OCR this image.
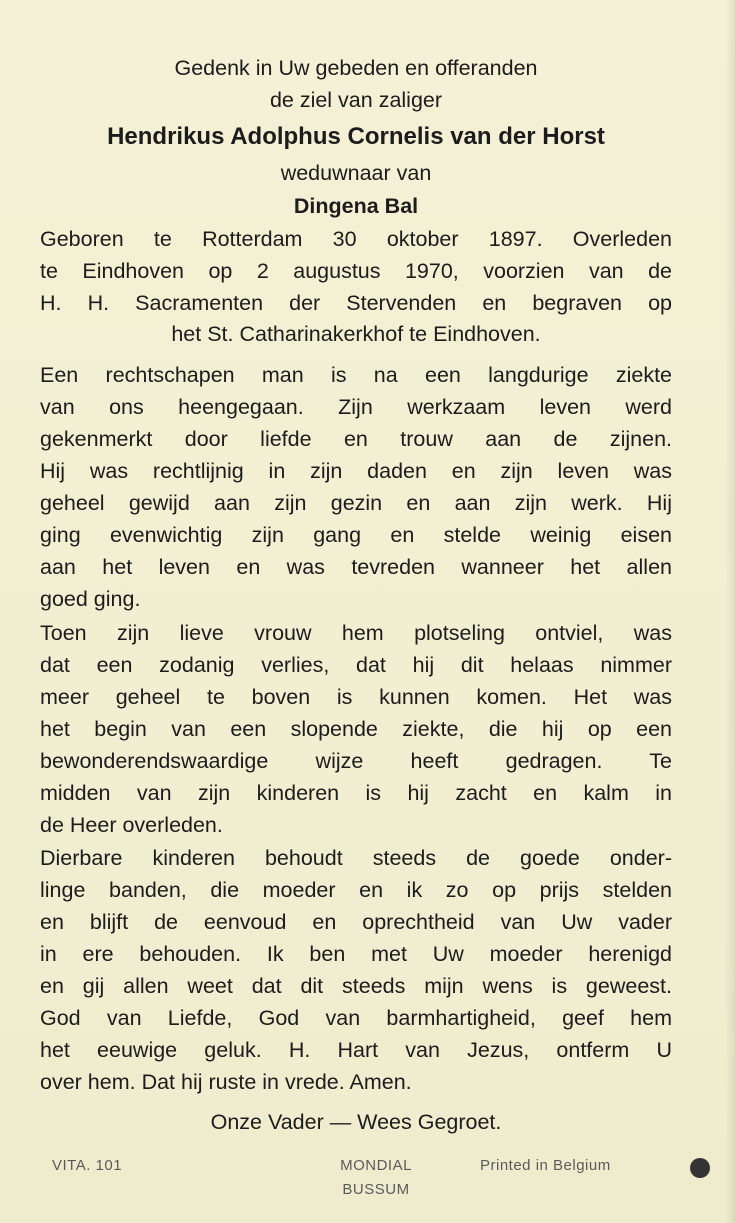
Gedenk in Uw gebeden en offeranden
de ziel van zaliger
Hendrikus Adolphus Cornelis van der Horst
weduwnaar van
Dingena Bal
Geboren te Rotterdam 30 oktober 1897. Overleden
te Eindhoven op 2 augustus 1970, voorzien van de
H. H. Sacramenten der Stervenden en begraven op
het St. Catharinakerkhof te Eindhoven.
Een rechtschapen man is na een langdurige ziekte
van ons heengegaan. Zijn werkzaam leven werd
gekenmerkt door liefde en trouw aan de zijnen.
Hij was rechtlijnig in zijn daden en zijn leven was
geheel gewijd aan zijn gezin en aan zijn werk. Hij
ging evenwichtig zijn gang en stelde weinig eisen
aan het leven en was tevreden wanneer het allen
goed ging.
Toen zijn lieve vrouw hem plotseling ontviel, was
dat een zodanig verlies, dat hij dit helaas nimmer
meer geheel te boven is kunnen komen. Het was
het begin van een slopende ziekte, die hij op een
bewonderendswaardige wijze heeft gedragen. Te
midden van zijn kinderen is hij zacht en kalm in
de Heer overleden.
Dierbare kinderen behoudt steeds de goede onder-
linge banden, die moeder en ik zo op prijs stelden
en blijft de eenvoud en oprechtheid van Uw vader
in ere behouden. Ik ben met Uw moeder herenigd
en gij allen weet dat dit steeds mijn wens is geweest.
God van Liefde, God van barmhartigheid, geef hem
het eeuwige geluk. H. Hart van Jezus, ontferm U
over hem. Dat hij ruste in vrede. Amen.
Onze Vader — Wees Gegroet.
VITA. 101	MONDIAL
BUSSUM
Printed in Belgium
